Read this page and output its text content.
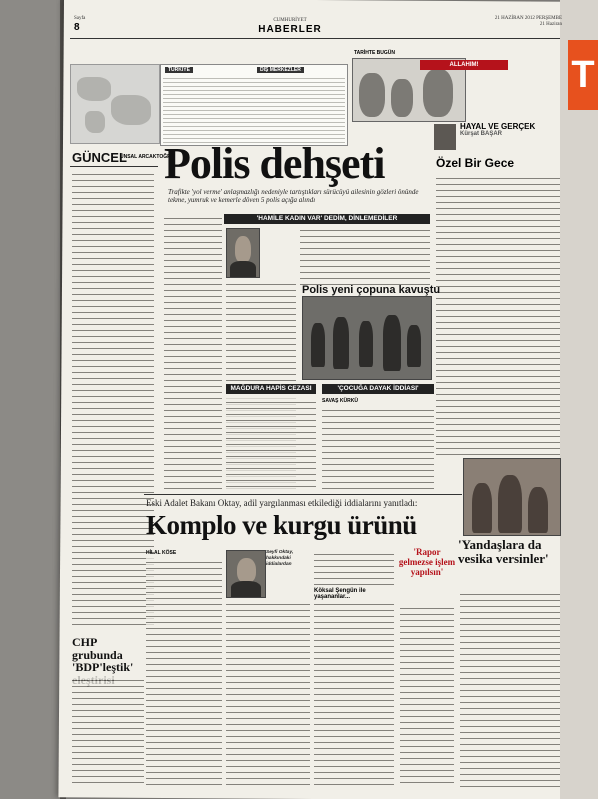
T
Sayfa
8
CUMHURİYET
HABERLER
21 HAZİRAN 2012 PERŞEMBE
21 Haziran
TÜRKİYE	DIŞ MERKEZLER
TARİHTE BUGÜN
ALLAHIM!
GÜNCEL
ÜNSAL ARCAKTOĞRU
CHP grubunda 'BDP'leştik'
HAYAL VE GERÇEK
Kürşat BAŞAR
Özel Bir Gece
Polis dehşeti
Trafikte 'yol verme' anlaşmazlığı nedeniyle tartıştıkları sürücüyü ailesinin gözleri önünde tekme, yumruk ve kemerle döven 5 polis açığa alındı
'HAMİLE KADIN VAR' DEDİM, DİNLEMEDİLER
Polis yeni çopuna kavuştu
MAĞDURA HAPİS CEZASI	'ÇOCUĞA DAYAK İDDİASI'
SAVAŞ KÜRKÜ
Eski Adalet Bakanı Oktay, adil yargılanması etkilediği iddialarını yanıtladı:
Komplo ve kurgu ürünü
HİLAL KÖSE	Seyfi Oktay, hakkındaki iddialardan
Köksal Şengün ile yaşananlar...
'Rapor gelmezse işlem yapılsın'
'Yandaşlara da vesika versinler'
